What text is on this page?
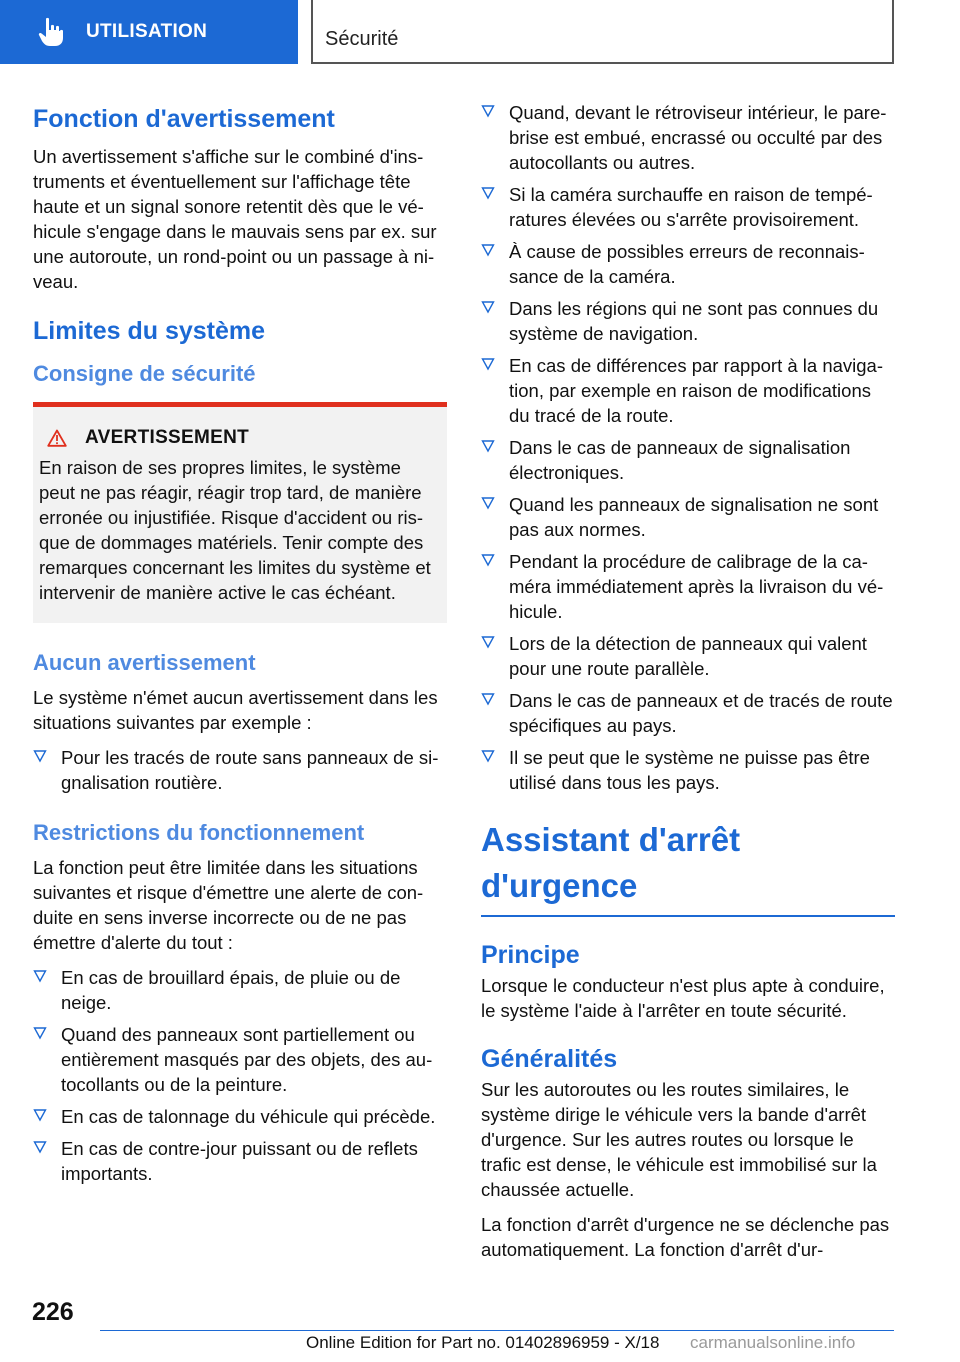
UTILISATION	Sécurité
Fonction d'avertissement

Un avertissement s'affiche sur le combiné d'instruments et éventuellement sur l'affichage tête haute et un signal sonore retentit dès que le véhicule s'engage dans le mauvais sens par ex. sur une autoroute, un rond-point ou un passage à niveau.

Limites du système
Consigne de sécurité
AVERTISSEMENT

En raison de ses propres limites, le système peut ne pas réagir, réagir trop tard, de manière erronée ou injustifiée. Risque d'accident ou risque de dommages matériels. Tenir compte des remarques concernant les limites du système et intervenir de manière active le cas échéant.

Aucun avertissement

Le système n'émet aucun avertissement dans les situations suivantes par exemple :

Pour les tracés de route sans panneaux de signalisation routière.
Restrictions du fonctionnement

La fonction peut être limitée dans les situations suivantes et risque d'émettre une alerte de conduite en sens inverse incorrecte ou de ne pas émettre d'alerte du tout :

En cas de brouillard épais, de pluie ou de neige.
Quand des panneaux sont partiellement ou entièrement masqués par des objets, des autocollants ou de la peinture.
En cas de talonnage du véhicule qui précède.
En cas de contre-jour puissant ou de reflets importants.
Quand, devant le rétroviseur intérieur, le pare-brise est embué, encrassé ou occulté par des autocollants ou autres.
Si la caméra surchauffe en raison de températures élevées ou s'arrête provisoirement.
À cause de possibles erreurs de reconnaissance de la caméra.
Dans les régions qui ne sont pas connues du système de navigation.
En cas de différences par rapport à la navigation, par exemple en raison de modifications du tracé de la route.
Dans le cas de panneaux de signalisation électroniques.
Quand les panneaux de signalisation ne sont pas aux normes.
Pendant la procédure de calibrage de la caméra immédiatement après la livraison du véhicule.
Lors de la détection de panneaux qui valent pour une route parallèle.
Dans le cas de panneaux et de tracés de route spécifiques au pays.
Il se peut que le système ne puisse pas être utilisé dans tous les pays.
Assistant d'arrêt d'urgence
Principe

Lorsque le conducteur n'est plus apte à conduire, le système l'aide à l'arrêter en toute sécurité.

Généralités

Sur les autoroutes ou les routes similaires, le système dirige le véhicule vers la bande d'arrêt d'urgence. Sur les autres routes ou lorsque le trafic est dense, le véhicule est immobilisé sur la chaussée actuelle.

La fonction d'arrêt d'urgence ne se déclenche pas automatiquement. La fonction d'arrêt d'ur-

226
Online Edition for Part no. 01402896959 - X/18 carmanualsonline.info
